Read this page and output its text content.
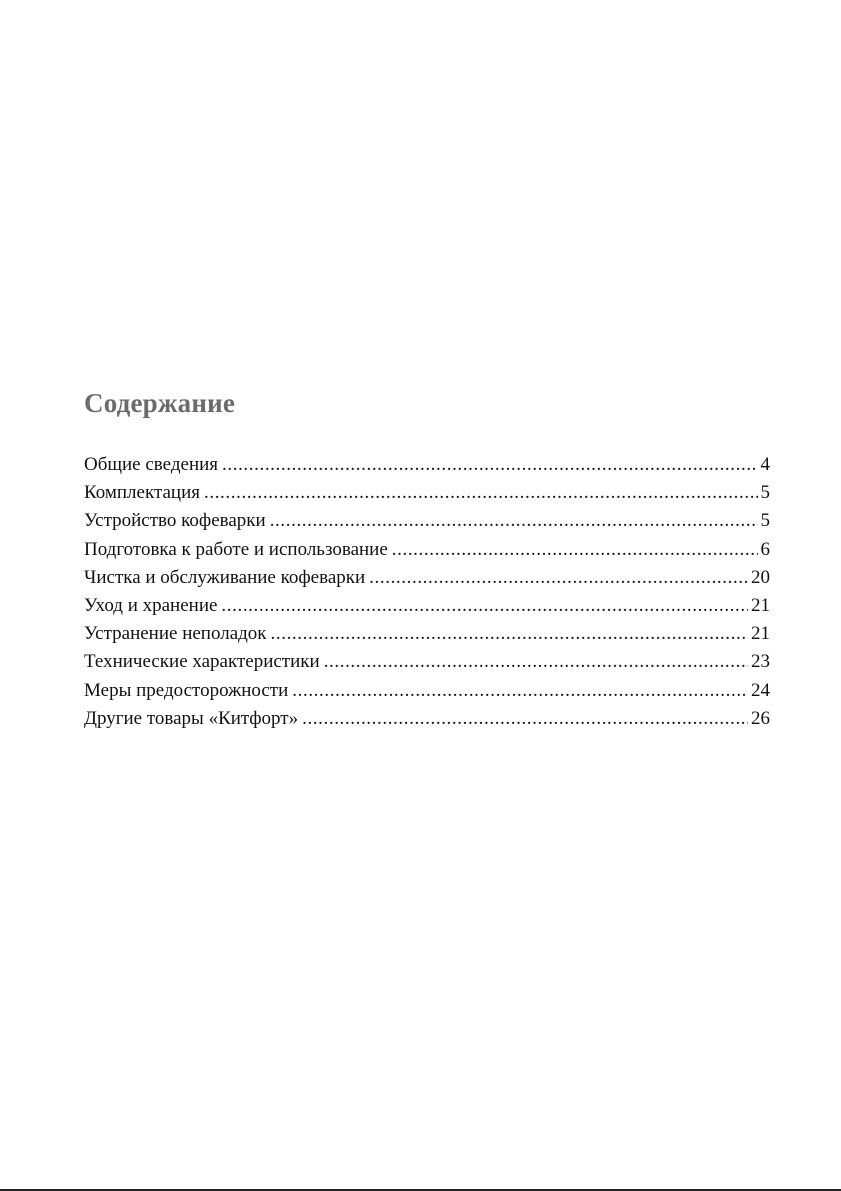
Содержание
Общие сведения .....	4
Комплектация .....	5
Устройство кофеварки .....	5
Подготовка к работе и использование .....	6
Чистка и обслуживание кофеварки .....	20
Уход и хранение .....	21
Устранение неполадок .....	21
Технические характеристики .....	23
Меры предосторожности .....	24
Другие товары «Китфорт» .....	26
